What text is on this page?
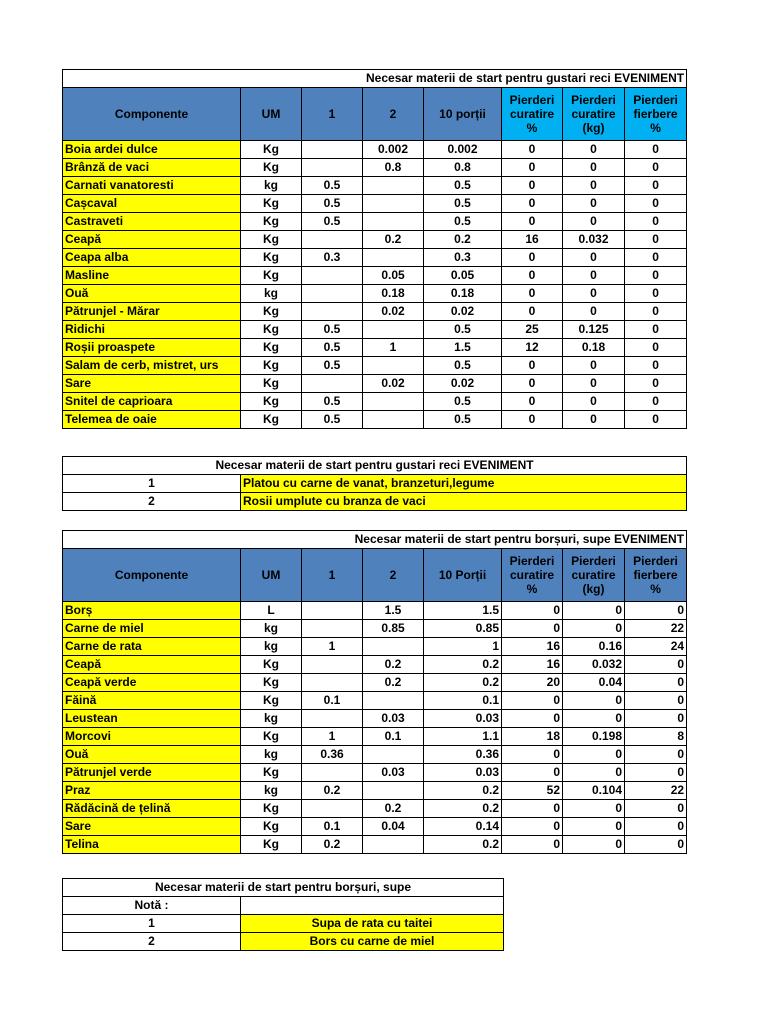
Necesar materii de start pentru gustari reci EVENIMENT							
Componente	UM	1	2	10 porții	Pierderi curatire %	Pierderi curatire (kg)	Pierderi fierbere %
Boia ardei dulce	Kg		0.002	0.002	0	0	0
Brânză de vaci	Kg		0.8	0.8	0	0	0
Carnati vanatoresti	kg	0.5		0.5	0	0	0
Cașcaval	Kg	0.5		0.5	0	0	0
Castraveti	Kg	0.5		0.5	0	0	0
Ceapă	Kg		0.2	0.2	16	0.032	0
Ceapa alba	Kg	0.3		0.3	0	0	0
Masline	Kg		0.05	0.05	0	0	0
Ouă	kg		0.18	0.18	0	0	0
Pătrunjel - Mărar	Kg		0.02	0.02	0	0	0
Ridichi	Kg	0.5		0.5	25	0.125	0
Roșii proaspete	Kg	0.5	1	1.5	12	0.18	0
Salam de cerb, mistret, urs	Kg	0.5		0.5	0	0	0
Sare	Kg		0.02	0.02	0	0	0
Snitel de caprioara	Kg	0.5		0.5	0	0	0
Telemea de oaie	Kg	0.5		0.5	0	0	0
Necesar materii de start pentru gustari reci EVENIMENT	
1	Platou cu carne de vanat, branzeturi,legume
2	Rosii umplute cu branza de vaci
Necesar materii de start pentru borșuri, supe EVENIMENT							
Componente	UM	1	2	10 Porții	Pierderi curatire %	Pierderi curatire (kg)	Pierderi fierbere %
Borș	L		1.5	1.5	0	0	0
Carne de miel	kg		0.85	0.85	0	0	22
Carne de rata	kg	1		1	16	0.16	24
Ceapă	Kg		0.2	0.2	16	0.032	0
Ceapă verde	Kg		0.2	0.2	20	0.04	0
Făină	Kg	0.1		0.1	0	0	0
Leustean	kg		0.03	0.03	0	0	0
Morcovi	Kg	1	0.1	1.1	18	0.198	8
Ouă	kg	0.36		0.36	0	0	0
Pătrunjel verde	Kg		0.03	0.03	0	0	0
Praz	kg	0.2		0.2	52	0.104	22
Rădăcină de țelină	Kg		0.2	0.2	0	0	0
Sare	Kg	0.1	0.04	0.14	0	0	0
Telina	Kg	0.2		0.2	0	0	0
Necesar materii de start pentru borșuri, supe	
Notă :	
1	Supa de rata cu taitei
2	Bors cu carne de miel
